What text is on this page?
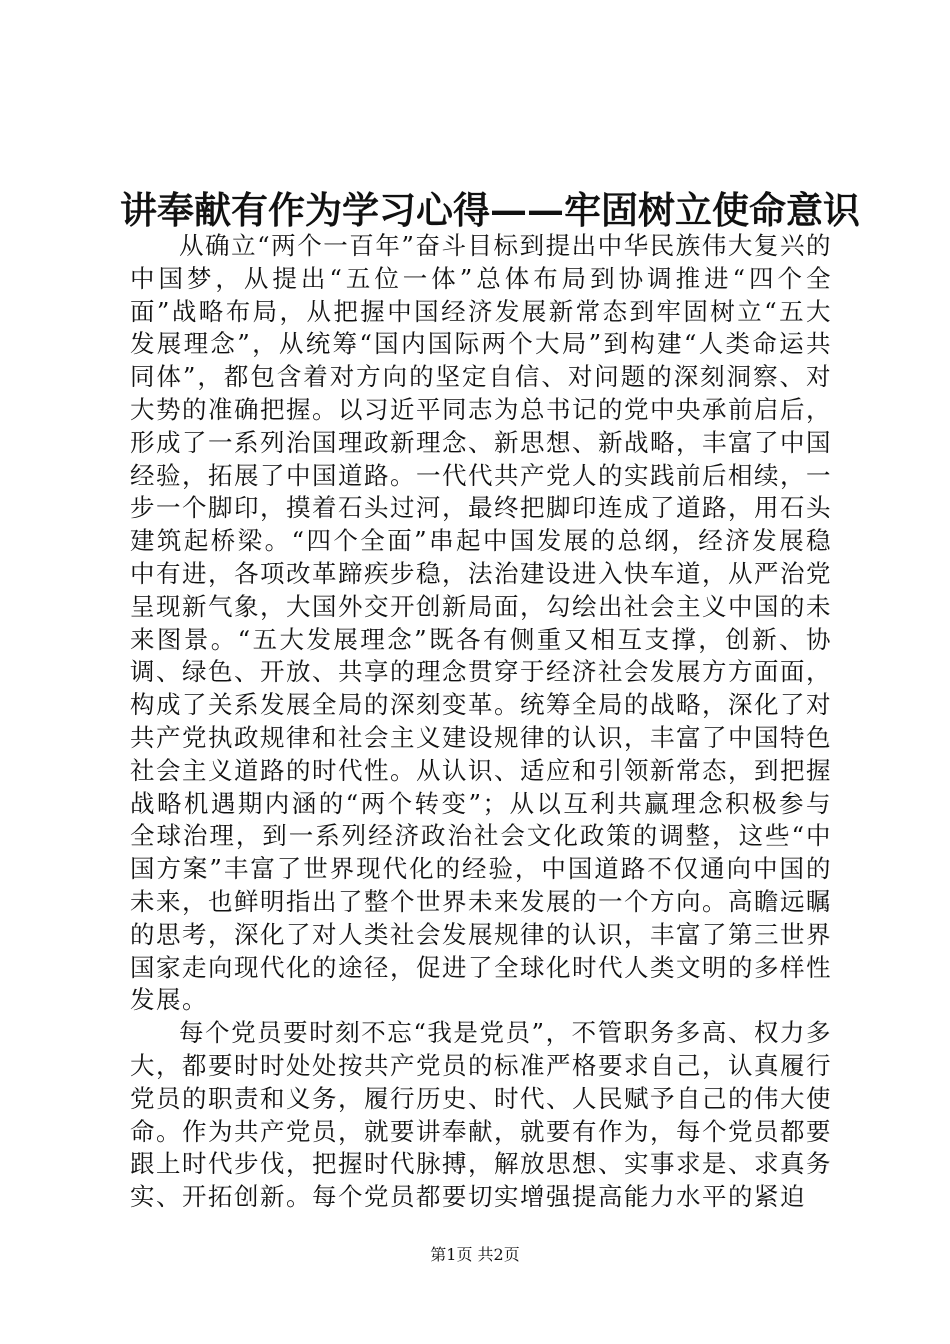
讲奉献有作为学习心得——牢固树立使命意识

从确立“两个一百年”奋斗目标到提出中华民族伟大复兴的中国梦，从提出“五位一体”总体布局到协调推进“四个全面”战略布局，从把握中国经济发展新常态到牢固树立“五大发展理念”，从统筹“国内国际两个大局”到构建“人类命运共同体”，都包含着对方向的坚定自信、对问题的深刻洞察、对大势的准确把握。以习近平同志为总书记的党中央承前启后，形成了一系列治国理政新理念、新思想、新战略，丰富了中国经验，拓展了中国道路。一代代共产党人的实践前后相续，一步一个脚印，摸着石头过河，最终把脚印连成了道路，用石头建筑起桥梁。“四个全面”串起中国发展的总纲，经济发展稳中有进，各项改革蹄疾步稳，法治建设进入快车道，从严治党呈现新气象，大国外交开创新局面，勾绘出社会主义中国的未来图景。“五大发展理念”既各有侧重又相互支撑，创新、协调、绿色、开放、共享的理念贯穿于经济社会发展方方面面，构成了关系发展全局的深刻变革。统筹全局的战略，深化了对共产党执政规律和社会主义建设规律的认识，丰富了中国特色社会主义道路的时代性。从认识、适应和引领新常态，到把握战略机遇期内涵的“两个转变”；从以互利共赢理念积极参与全球治理，到一系列经济政治社会文化政策的调整，这些“中国方案”丰富了世界现代化的经验，中国道路不仅通向中国的未来，也鲜明指出了整个世界未来发展的一个方向。高瞻远瞩的思考，深化了对人类社会发展规律的认识，丰富了第三世界国家走向现代化的途径，促进了全球化时代人类文明的多样性发展。

每个党员要时刻不忘“我是党员”，不管职务多高、权力多大，都要时时处处按共产党员的标准严格要求自己，认真履行党员的职责和义务，履行历史、时代、人民赋予自己的伟大使命。作为共产党员，就要讲奉献，就要有作为，每个党员都要跟上时代步伐，把握时代脉搏，解放思想、实事求是、求真务实、开拓创新。每个党员都要切实增强提高能力水平的紧迫

第1页 共2页
